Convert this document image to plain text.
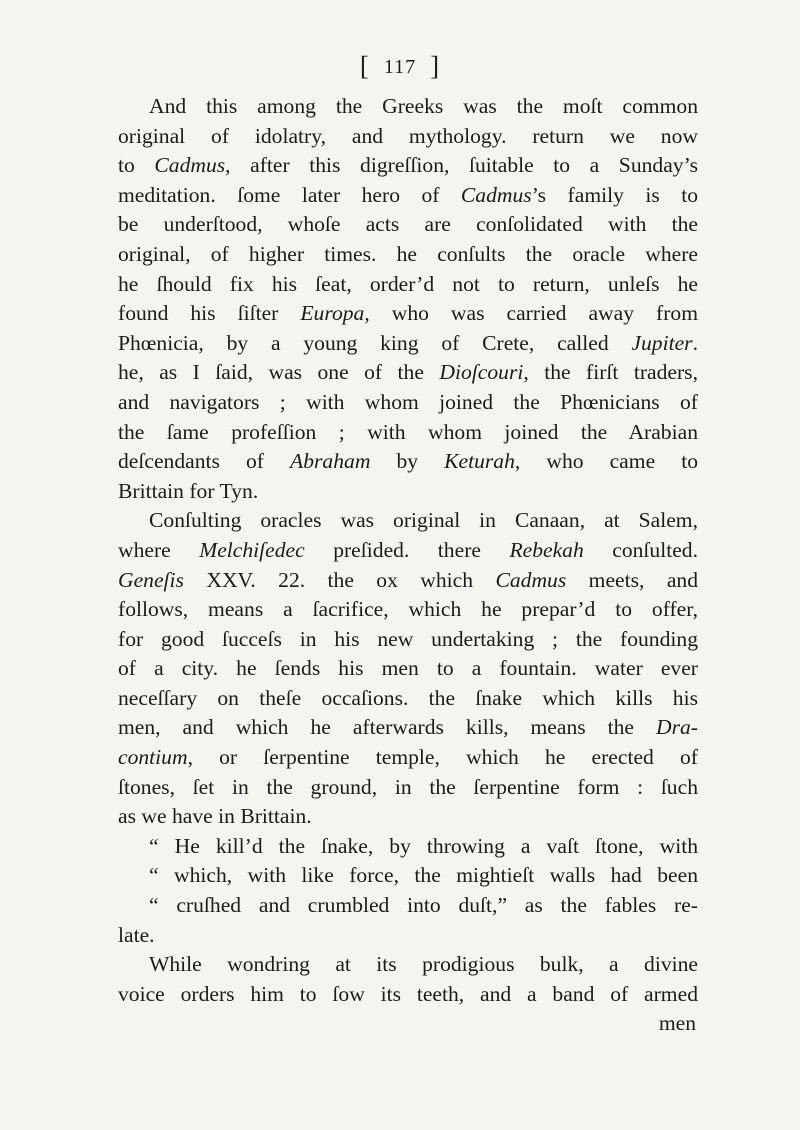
[ 117 ]
And this among the Greeks was the moſt common
original of idolatry, and mythology. return we now
to Cadmus, after this digreſſion, ſuitable to a Sunday’s
meditation. ſome later hero of Cadmus’s family is to
be underſtood, whoſe acts are conſolidated with the
original, of higher times. he conſults the oracle where
he ſhould fix his ſeat, order’d not to return, unleſs he
found his ſiſter Europa, who was carried away from
Phœnicia, by a young king of Crete, called Jupiter.
he, as I ſaid, was one of the Dioſcouri, the firſt traders,
and navigators ; with whom joined the Phœnicians of
the ſame profeſſion ; with whom joined the Arabian
deſcendants of Abraham by Keturah, who came to
Brittain for Tyn.
Conſulting oracles was original in Canaan, at Salem,
where Melchiſedec preſided. there Rebekah conſulted.
Geneſis XXV. 22. the ox which Cadmus meets, and
follows, means a ſacrifice, which he prepar’d to offer,
for good ſucceſs in his new undertaking ; the founding
of a city. he ſends his men to a fountain. water ever
neceſſary on theſe occaſions. the ſnake which kills his
men, and which he afterwards kills, means the Dra-
contium, or ſerpentine temple, which he erected of
ſtones, ſet in the ground, in the ſerpentine form : ſuch
as we have in Brittain.
“ He kill’d the ſnake, by throwing a vaſt ſtone, with
“ which, with like force, the mightieſt walls had been
“ cruſhed and crumbled into duſt,” as the fables re-
late.
While wondring at its prodigious bulk, a divine
voice orders him to ſow its teeth, and a band of armed
men
